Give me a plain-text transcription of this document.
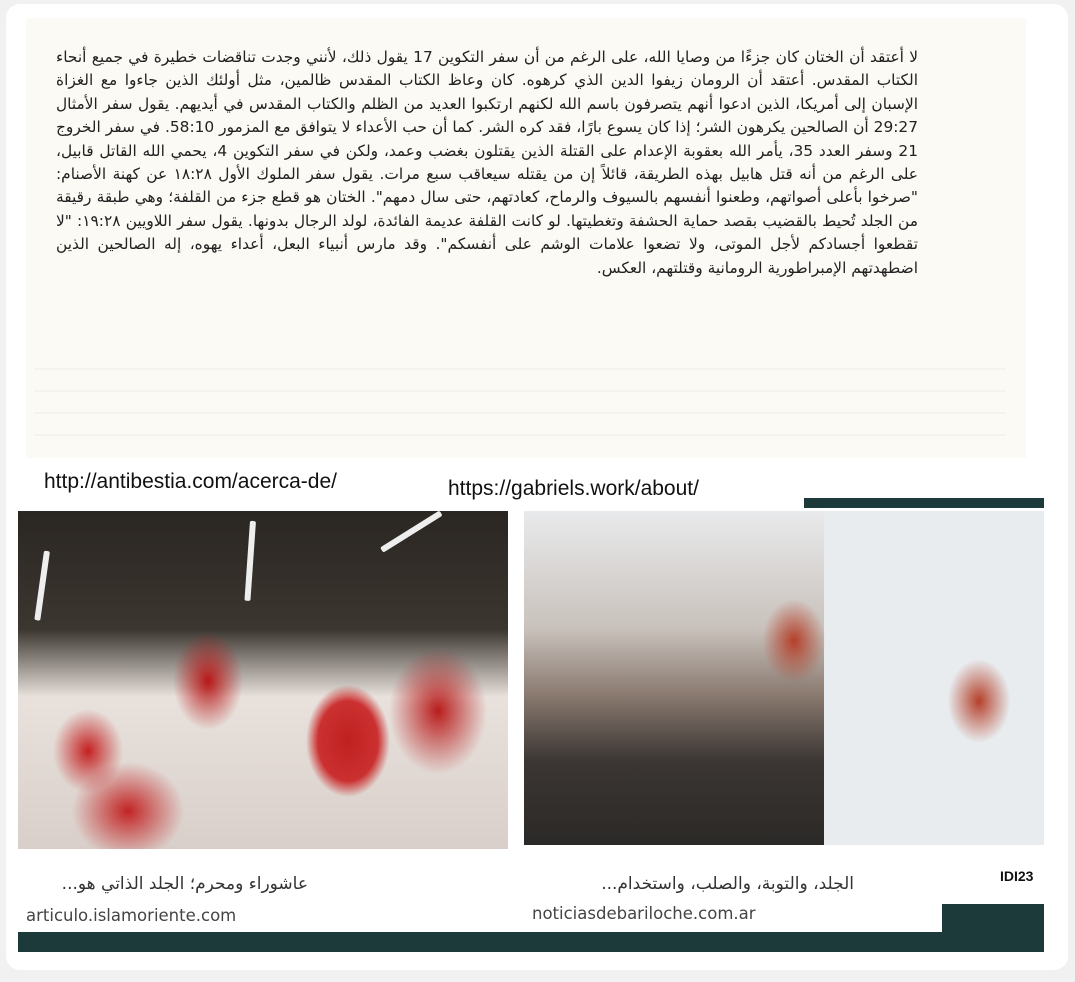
لا أعتقد أن الختان كان جزءًا من وصايا الله، على الرغم من أن سفر التكوين 17 يقول ذلك، لأنني وجدت تناقضات خطيرة في جميع أنحاء الكتاب المقدس. أعتقد أن الرومان زيفوا الدين الذي كرهوه. كان وعاظ الكتاب المقدس ظالمين، مثل أولئك الذين جاءوا مع الغزاة الإسبان إلى أمريكا، الذين ادعوا أنهم يتصرفون باسم الله لكنهم ارتكبوا العديد من الظلم والكتاب المقدس في أيديهم. يقول سفر الأمثال 29:27 أن الصالحين يكرهون الشر؛ إذا كان يسوع بارًا، فقد كره الشر. كما أن حب الأعداء لا يتوافق مع المزمور 58:10. في سفر الخروج 21 وسفر العدد 35، يأمر الله بعقوبة الإعدام على القتلة الذين يقتلون بغضب وعمد، ولكن في سفر التكوين 4، يحمي الله القاتل قابيل، على الرغم من أنه قتل هابيل بهذه الطريقة، قائلاً إن من يقتله سيعاقب سبع مرات. يقول سفر الملوك الأول ١٨:٢٨ عن كهنة الأصنام: "صرخوا بأعلى أصواتهم، وطعنوا أنفسهم بالسيوف والرماح، كعادتهم، حتى سال دمهم". الختان هو قطع جزء من القلفة؛ وهي طبقة رقيقة من الجلد تُحيط بالقضيب بقصد حماية الحشفة وتغطيتها. لو كانت القلفة عديمة الفائدة، لولد الرجال بدونها. يقول سفر اللاويين ١٩:٢٨: "لا تقطعوا أجسادكم لأجل الموتى، ولا تضعوا علامات الوشم على أنفسكم". وقد مارس أنبياء البعل، أعداء يهوه، إله الصالحين الذين اضطهدتهم الإمبراطورية الرومانية وقتلتهم، العكس.

http://antibestia.com/acerca-de/	https://gabriels.work/about/
عاشوراء ومحرم؛ الجلد الذاتي هو...
articulo.islamoriente.com
الجلد، والتوبة، والصلب، واستخدام...
noticiasdebariloche.com.ar
IDI23
